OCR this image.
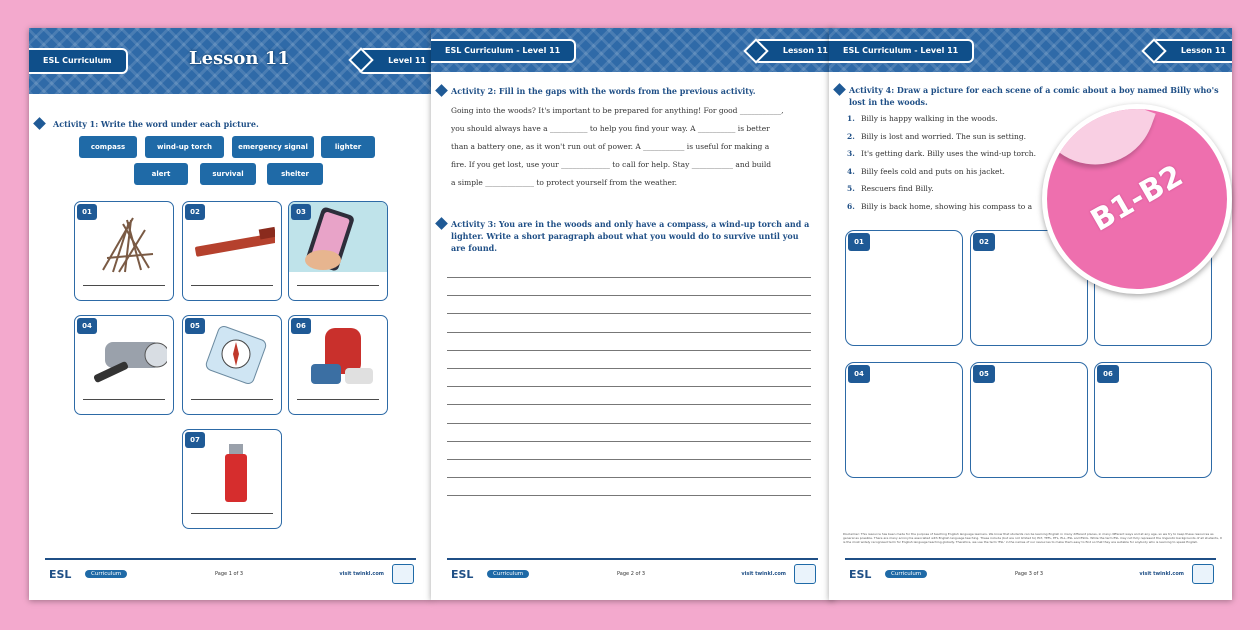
ESL Curriculum	Lesson 11	Level 11
Activity 1: Write the word under each picture.
compass	wind-up torch	emergency signal	lighter
alert	survival	shelter
01	02	03
04	05	06
07
ESL	Curriculum	Page 1 of 3	visit twinkl.com
ESL Curriculum - Level 11	Lesson 11
Activity 2: Fill in the gaps with the words from the previous activity.
Going into the woods? It's important to be prepared for anything! For good ___________,
you should always have a __________ to help you find your way. A __________ is better
than a battery one, as it won't run out of power. A ___________ is useful for making a
fire. If you get lost, use your _____________ to call for help. Stay ___________ and build
a simple _____________ to protect yourself from the weather.
Activity 3: You are in the woods and only have a compass, a wind-up torch and a lighter. Write a short paragraph about what you would do to survive until you are found.
ESL	Curriculum	Page 2 of 3	visit twinkl.com
ESL Curriculum - Level 11	Lesson 11
Activity 4: Draw a picture for each scene of a comic about a boy named Billy who's lost in the woods.
1. Billy is happy walking in the woods.
2. Billy is lost and worried. The sun is setting.
3. It's getting dark. Billy uses the wind-up torch.
4. Billy feels cold and puts on his jacket.
5. Rescuers find Billy.
6. Billy is back home, showing his compass to a
01	02
04	05	06
Disclaimer: This resource has been made for the purpose of teaching English language learners. We know that students can be learning English in many different places, in many different ways and at any age, so we try to keep these resources as general as possible. There are many acronyms associated with English language teaching. These include (but are not limited to) ELT, TEFL, EFL, ELL, ESL and ESOL. While the term ESL may not fully represent the linguistic backgrounds of all students, it is the most widely recognised term for English language teaching globally. Therefore, we use the term 'ESL' in the names of our resources to make them easy to find so that they are suitable for anybody who is learning to speak English.
ESL	Curriculum	Page 3 of 3	visit twinkl.com
B1-B2
